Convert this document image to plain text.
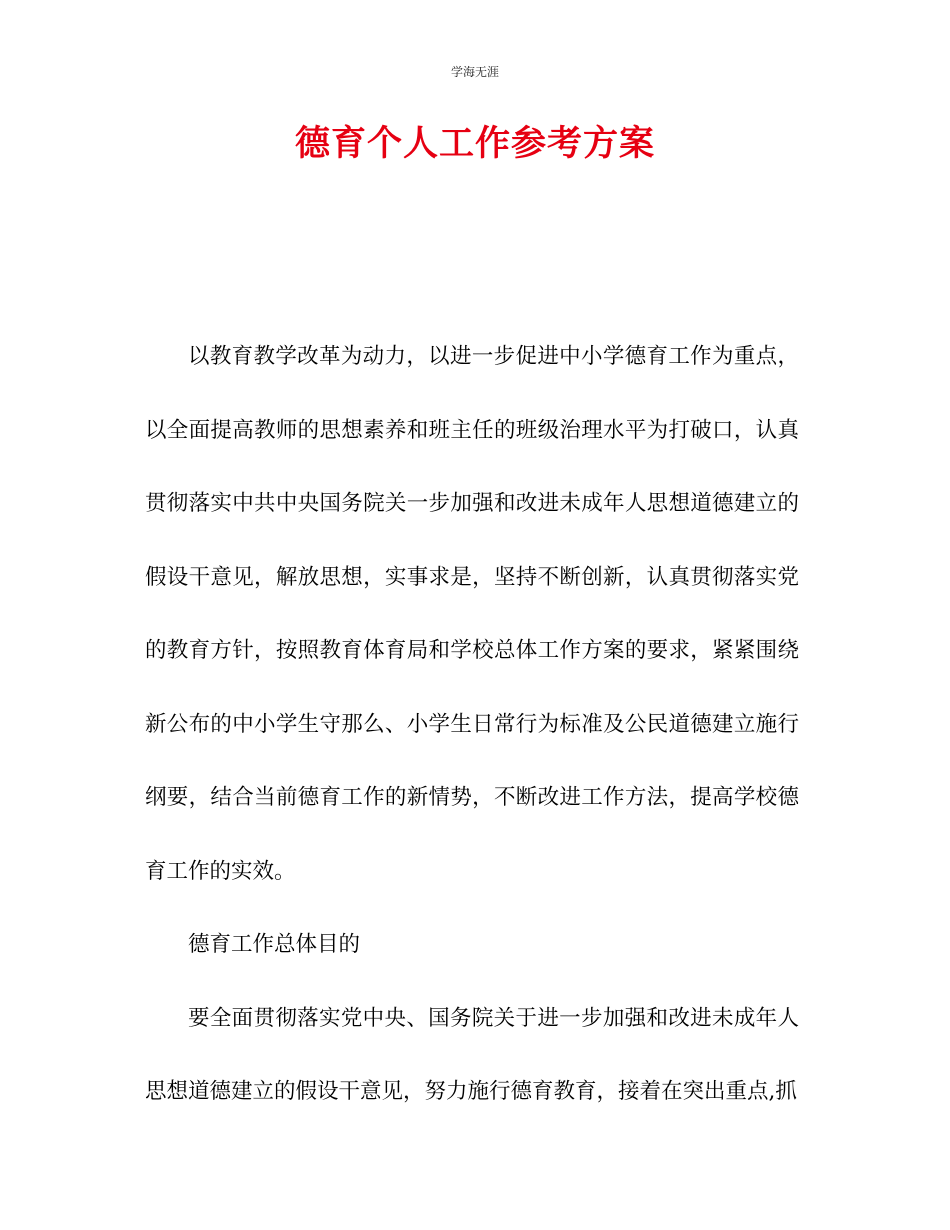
学海无涯
德育个人工作参考方案

以教育教学改革为动力，以进一步促进中小学德育工作为重点，以全面提高教师的思想素养和班主任的班级治理水平为打破口，认真贯彻落实中共中央国务院关一步加强和改进未成年人思想道德建立的假设干意见，解放思想，实事求是，坚持不断创新，认真贯彻落实党的教育方针，按照教育体育局和学校总体工作方案的要求，紧紧围绕新公布的中小学生守那么、小学生日常行为标准及公民道德建立施行纲要，结合当前德育工作的新情势，不断改进工作方法，提高学校德育工作的实效。

德育工作总体目的

要全面贯彻落实党中央、国务院关于进一步加强和改进未成年人思想道德建立的假设干意见，努力施行德育教育，接着在突出重点,抓
